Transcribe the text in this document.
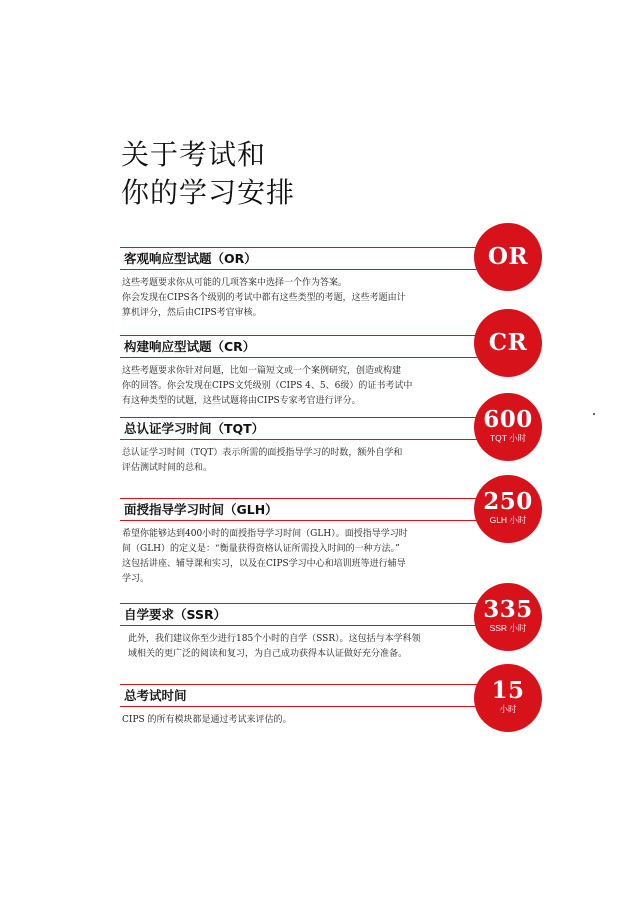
关于考试和
你的学习安排
客观响应型试题（OR）

这些考题要求你从可能的几项答案中选择一个作为答案。
你会发现在CIPS各个级别的考试中都有这些类型的考题，这些考题由计
算机评分，然后由CIPS考官审核。

OR
构建响应型试题（CR）

这些考题要求你针对问题，比如一篇短文或一个案例研究，创造或构建
你的回答。你会发现在CIPS文凭级别（CIPS 4、5、6级）的证书考试中
有这种类型的试题，这些试题将由CIPS专家考官进行评分。

CR
总认证学习时间（TQT）

总认证学习时间（TQT）表示所需的面授指导学习的时数，额外自学和
评估测试时间的总和。

600
TQT 小时
面授指导学习时间（GLH）

希望你能够达到400小时的面授指导学习时间（GLH）。面授指导学习时
间（GLH）的定义是：“衡量获得资格认证所需投入时间的一种方法。”
这包括讲座、辅导课和实习，以及在CIPS学习中心和培训班等进行辅导
学习。

250
GLH 小时
自学要求（SSR）

此外，我们建议你至少进行185个小时的自学（SSR）。这包括与本学科领
域相关的更广泛的阅读和复习，为自己成功获得本认证做好充分准备。

335
SSR 小时
总考试时间

CIPS 的所有模块都是通过考试来评估的。

15
小时
